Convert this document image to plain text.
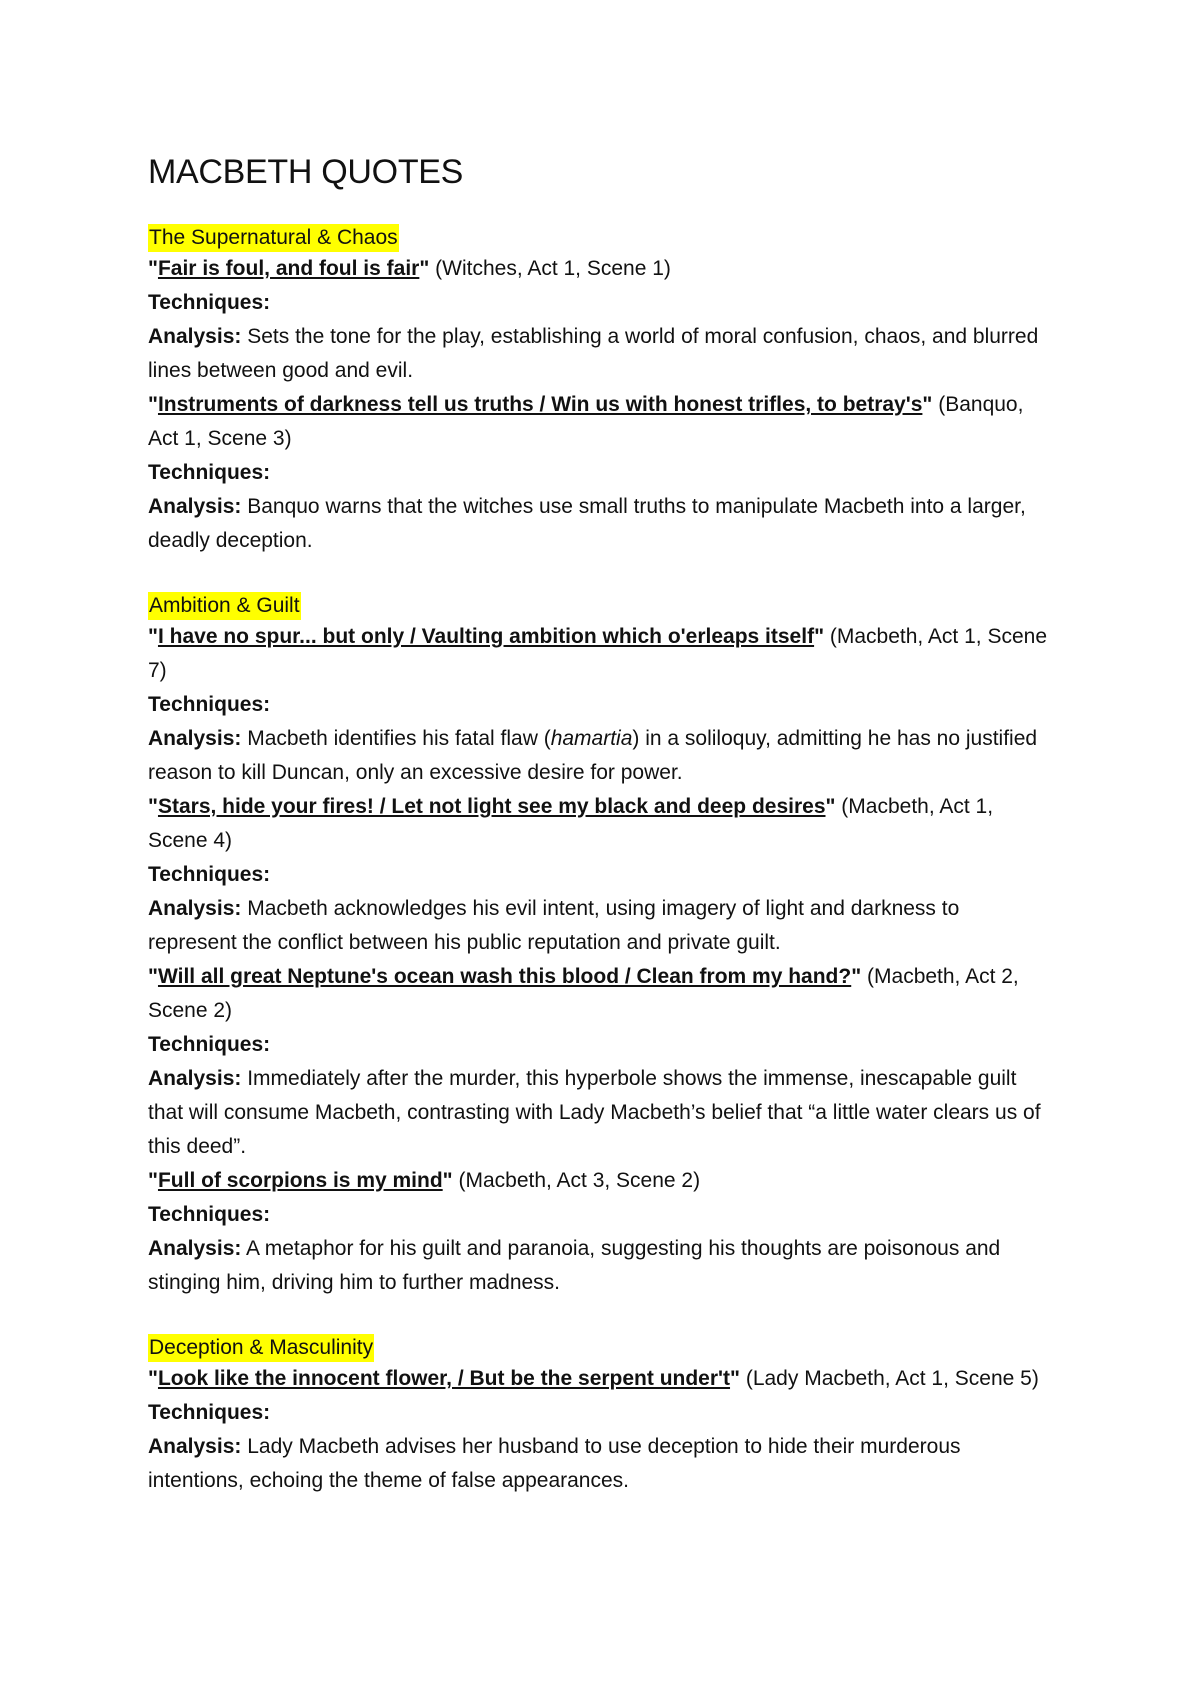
MACBETH QUOTES
The Supernatural & Chaos
"Fair is foul, and foul is fair" (Witches, Act 1, Scene 1)
Techniques:
Analysis: Sets the tone for the play, establishing a world of moral confusion, chaos, and blurred lines between good and evil.
"Instruments of darkness tell us truths / Win us with honest trifles, to betray's" (Banquo, Act 1, Scene 3)
Techniques:
Analysis: Banquo warns that the witches use small truths to manipulate Macbeth into a larger, deadly deception.
Ambition & Guilt
"I have no spur... but only / Vaulting ambition which o'erleaps itself" (Macbeth, Act 1, Scene 7)
Techniques:
Analysis: Macbeth identifies his fatal flaw (hamartia) in a soliloquy, admitting he has no justified reason to kill Duncan, only an excessive desire for power.
"Stars, hide your fires! / Let not light see my black and deep desires" (Macbeth, Act 1, Scene 4)
Techniques:
Analysis: Macbeth acknowledges his evil intent, using imagery of light and darkness to represent the conflict between his public reputation and private guilt.
"Will all great Neptune's ocean wash this blood / Clean from my hand?" (Macbeth, Act 2, Scene 2)
Techniques:
Analysis: Immediately after the murder, this hyperbole shows the immense, inescapable guilt that will consume Macbeth, contrasting with Lady Macbeth’s belief that “a little water clears us of this deed”.
"Full of scorpions is my mind" (Macbeth, Act 3, Scene 2)
Techniques:
Analysis: A metaphor for his guilt and paranoia, suggesting his thoughts are poisonous and stinging him, driving him to further madness.
Deception & Masculinity
"Look like the innocent flower, / But be the serpent under't" (Lady Macbeth, Act 1, Scene 5)
Techniques:
Analysis: Lady Macbeth advises her husband to use deception to hide their murderous intentions, echoing the theme of false appearances.
